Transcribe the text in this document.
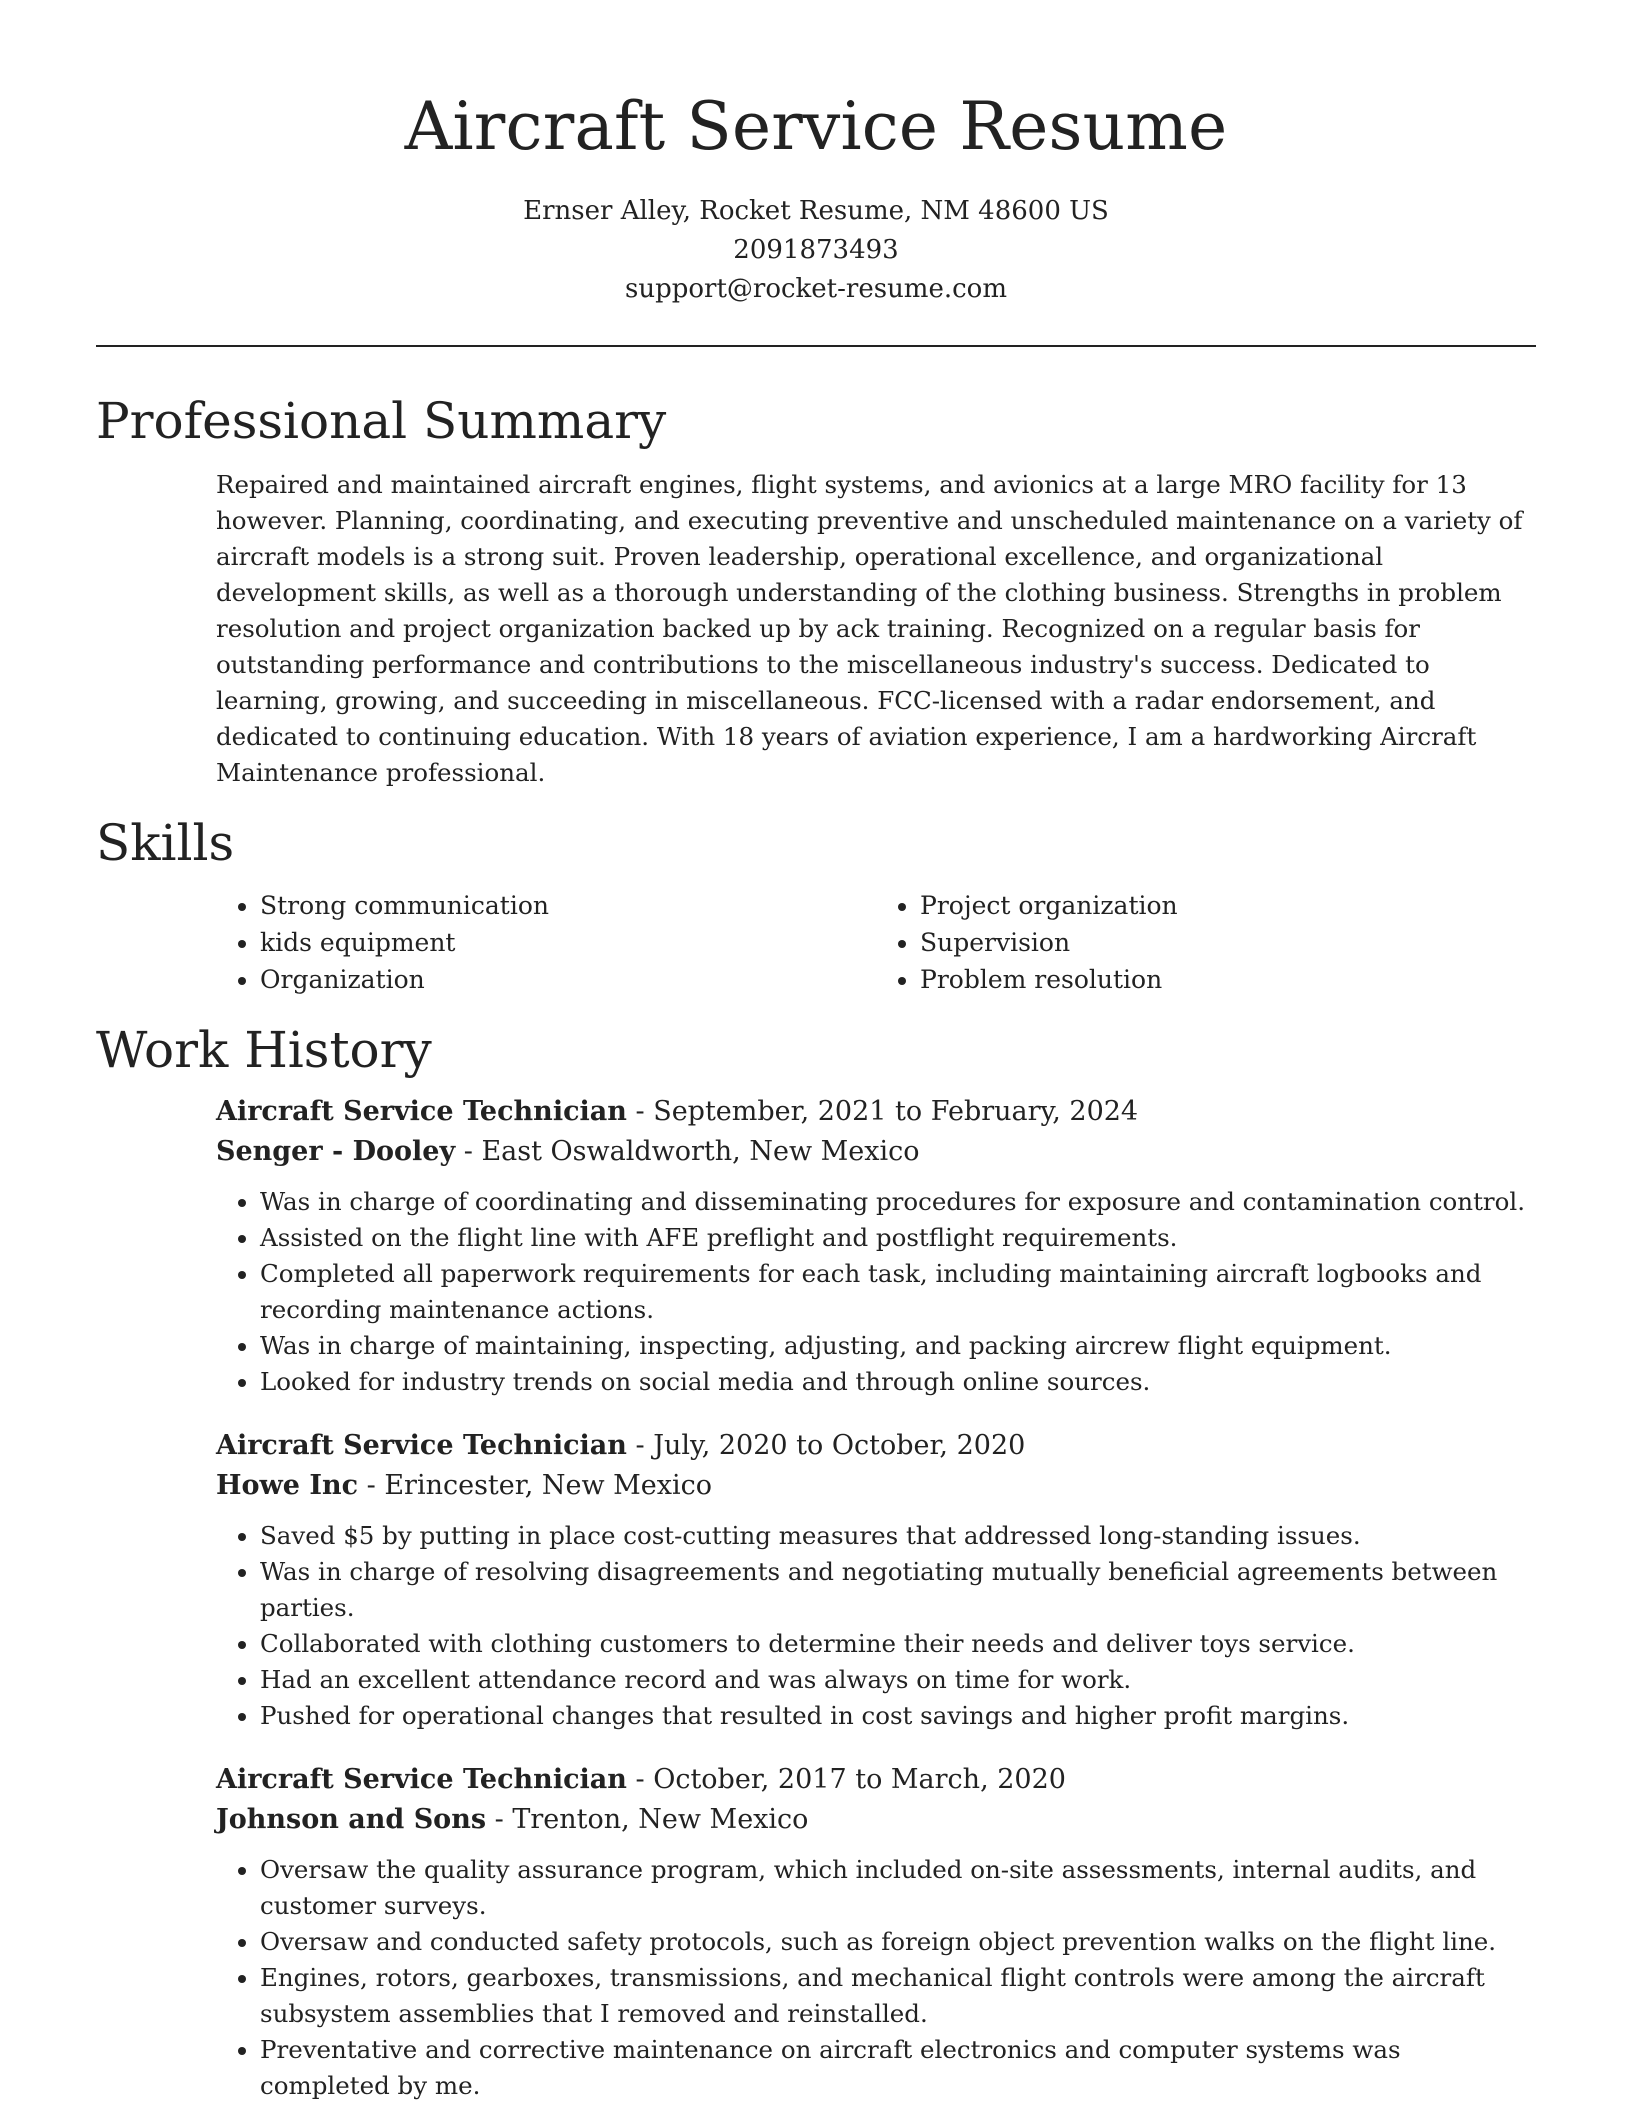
Aircraft Service Resume
Ernser Alley, Rocket Resume, NM 48600 US
2091873493
support@rocket-resume.com
Professional Summary

Repaired and maintained aircraft engines, flight systems, and avionics at a large MRO facility for 13 however. Planning, coordinating, and executing preventive and unscheduled maintenance on a variety of aircraft models is a strong suit. Proven leadership, operational excellence, and organizational development skills, as well as a thorough understanding of the clothing business. Strengths in problem resolution and project organization backed up by ack training. Recognized on a regular basis for outstanding performance and contributions to the miscellaneous industry's success. Dedicated to learning, growing, and succeeding in miscellaneous. FCC-licensed with a radar endorsement, and dedicated to continuing education. With 18 years of aviation experience, I am a hardworking Aircraft Maintenance professional.

Skills
• Strong communication
• kids equipment
• Organization
• Project organization
• Supervision
• Problem resolution
Work History
Aircraft Service Technician - September, 2021 to February, 2024
Senger - Dooley - East Oswaldworth, New Mexico
• Was in charge of coordinating and disseminating procedures for exposure and contamination control.
• Assisted on the flight line with AFE preflight and postflight requirements.
• Completed all paperwork requirements for each task, including maintaining aircraft logbooks and recording maintenance actions.
• Was in charge of maintaining, inspecting, adjusting, and packing aircrew flight equipment.
• Looked for industry trends on social media and through online sources.
Aircraft Service Technician - July, 2020 to October, 2020
Howe Inc - Erincester, New Mexico
• Saved $5 by putting in place cost-cutting measures that addressed long-standing issues.
• Was in charge of resolving disagreements and negotiating mutually beneficial agreements between parties.
• Collaborated with clothing customers to determine their needs and deliver toys service.
• Had an excellent attendance record and was always on time for work.
• Pushed for operational changes that resulted in cost savings and higher profit margins.
Aircraft Service Technician - October, 2017 to March, 2020
Johnson and Sons - Trenton, New Mexico
• Oversaw the quality assurance program, which included on-site assessments, internal audits, and customer surveys.
• Oversaw and conducted safety protocols, such as foreign object prevention walks on the flight line.
• Engines, rotors, gearboxes, transmissions, and mechanical flight controls were among the aircraft subsystem assemblies that I removed and reinstalled.
• Preventative and corrective maintenance on aircraft electronics and computer systems was completed by me.
